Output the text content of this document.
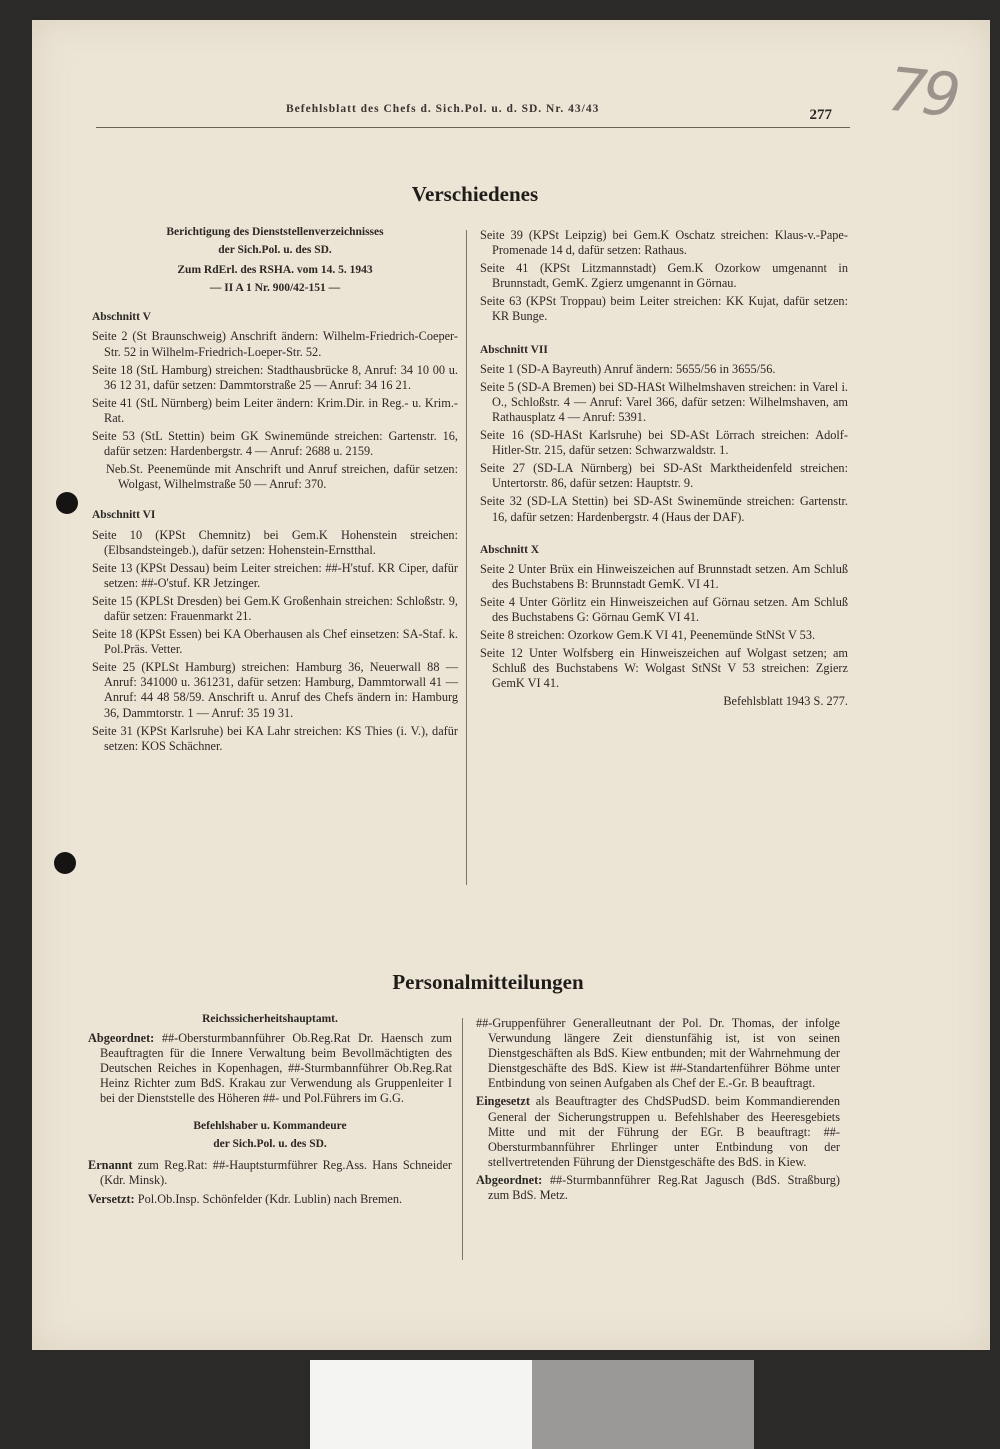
79
Befehlsblatt des Chefs d. Sich.Pol. u. d. SD. Nr. 43/43	277
Verschiedenes

Berichtigung des Dienststellenverzeichnisses

der Sich.Pol. u. des SD.

Zum RdErl. des RSHA. vom 14. 5. 1943

— II A 1 Nr. 900/42-151 —

Abschnitt V

Seite 2 (St Braunschweig) Anschrift ändern: Wilhelm-Friedrich-Coeper-Str. 52 in Wilhelm-Friedrich-Loeper-Str. 52.

Seite 18 (StL Hamburg) streichen: Stadthausbrücke 8, Anruf: 34 10 00 u. 36 12 31, dafür setzen: Dammtorstraße 25 — Anruf: 34 16 21.

Seite 41 (StL Nürnberg) beim Leiter ändern: Krim.Dir. in Reg.- u. Krim.-Rat.

Seite 53 (StL Stettin) beim GK Swinemünde streichen: Gartenstr. 16, dafür setzen: Hardenbergstr. 4 — Anruf: 2688 u. 2159.

Neb.St. Peenemünde mit Anschrift und Anruf streichen, dafür setzen: Wolgast, Wilhelmstraße 50 — Anruf: 370.

Abschnitt VI

Seite 10 (KPSt Chemnitz) bei Gem.K Hohenstein streichen: (Elbsandsteingeb.), dafür setzen: Hohenstein-Ernstthal.

Seite 13 (KPSt Dessau) beim Leiter streichen: ##-H'stuf. KR Ciper, dafür setzen: ##-O'stuf. KR Jetzinger.

Seite 15 (KPLSt Dresden) bei Gem.K Großenhain streichen: Schloßstr. 9, dafür setzen: Frauenmarkt 21.

Seite 18 (KPSt Essen) bei KA Oberhausen als Chef einsetzen: SA-Staf. k. Pol.Präs. Vetter.

Seite 25 (KPLSt Hamburg) streichen: Hamburg 36, Neuerwall 88 — Anruf: 341000 u. 361231, dafür setzen: Hamburg, Dammtorwall 41 — Anruf: 44 48 58/59. Anschrift u. Anruf des Chefs ändern in: Hamburg 36, Dammtorstr. 1 — Anruf: 35 19 31.

Seite 31 (KPSt Karlsruhe) bei KA Lahr streichen: KS Thies (i. V.), dafür setzen: KOS Schächner.

Seite 39 (KPSt Leipzig) bei Gem.K Oschatz streichen: Klaus-v.-Pape-Promenade 14 d, dafür setzen: Rathaus.

Seite 41 (KPSt Litzmannstadt) Gem.K Ozorkow umgenannt in Brunnstadt, GemK. Zgierz umgenannt in Görnau.

Seite 63 (KPSt Troppau) beim Leiter streichen: KK Kujat, dafür setzen: KR Bunge.

Abschnitt VII

Seite 1 (SD-A Bayreuth) Anruf ändern: 5655/56 in 3655/56.

Seite 5 (SD-A Bremen) bei SD-HASt Wilhelmshaven streichen: in Varel i. O., Schloßstr. 4 — Anruf: Varel 366, dafür setzen: Wilhelmshaven, am Rathausplatz 4 — Anruf: 5391.

Seite 16 (SD-HASt Karlsruhe) bei SD-ASt Lörrach streichen: Adolf-Hitler-Str. 215, dafür setzen: Schwarzwaldstr. 1.

Seite 27 (SD-LA Nürnberg) bei SD-ASt Marktheidenfeld streichen: Untertorstr. 86, dafür setzen: Hauptstr. 9.

Seite 32 (SD-LA Stettin) bei SD-ASt Swinemünde streichen: Gartenstr. 16, dafür setzen: Hardenbergstr. 4 (Haus der DAF).

Abschnitt X

Seite 2 Unter Brüx ein Hinweiszeichen auf Brunnstadt setzen. Am Schluß des Buchstabens B: Brunnstadt GemK. VI 41.

Seite 4 Unter Görlitz ein Hinweiszeichen auf Görnau setzen. Am Schluß des Buchstabens G: Görnau GemK VI 41.

Seite 8 streichen: Ozorkow Gem.K VI 41, Peenemünde StNSt V 53.

Seite 12 Unter Wolfsberg ein Hinweiszeichen auf Wolgast setzen; am Schluß des Buchstabens W: Wolgast StNSt V 53 streichen: Zgierz GemK VI 41.

Befehlsblatt 1943 S. 277.

Personalmitteilungen

Reichssicherheitshauptamt.

Abgeordnet: ##-Obersturmbannführer Ob.Reg.Rat Dr. Haensch zum Beauftragten für die Innere Verwaltung beim Bevollmächtigten des Deutschen Reiches in Kopenhagen, ##-Sturmbannführer Ob.Reg.Rat Heinz Richter zum BdS. Krakau zur Verwendung als Gruppenleiter I bei der Dienststelle des Höheren ##- und Pol.Führers im G.G.

Befehlshaber u. Kommandeure

der Sich.Pol. u. des SD.

Ernannt zum Reg.Rat: ##-Hauptsturmführer Reg.Ass. Hans Schneider (Kdr. Minsk).

Versetzt: Pol.Ob.Insp. Schönfelder (Kdr. Lublin) nach Bremen.

##-Gruppenführer Generalleutnant der Pol. Dr. Thomas, der infolge Verwundung längere Zeit dienstunfähig ist, ist von seinen Dienstgeschäften als BdS. Kiew entbunden; mit der Wahrnehmung der Dienstgeschäfte des BdS. Kiew ist ##-Standartenführer Böhme unter Entbindung von seinen Aufgaben als Chef der E.-Gr. B beauftragt.

Eingesetzt als Beauftragter des ChdSPudSD. beim Kommandierenden General der Sicherungstruppen u. Befehlshaber des Heeresgebiets Mitte und mit der Führung der EGr. B beauftragt: ##-Obersturmbannführer Ehrlinger unter Entbindung von der stellvertretenden Führung der Dienstgeschäfte des BdS. in Kiew.

Abgeordnet: ##-Sturmbannführer Reg.Rat Jagusch (BdS. Straßburg) zum BdS. Metz.
